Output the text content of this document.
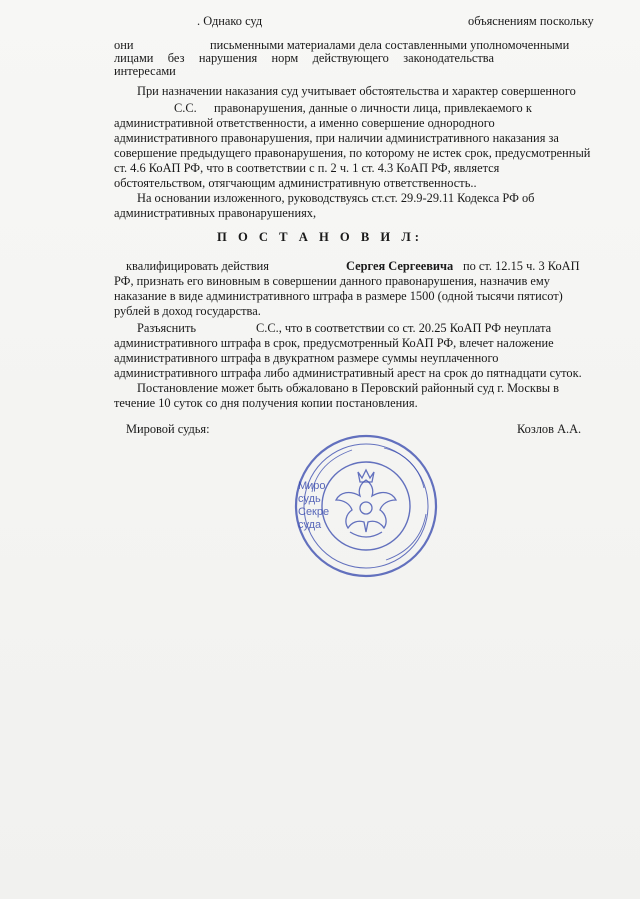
. Однако суд	объяснениям поскольку
они	письменными материалами дела составленными уполномоченными
лицами без нарушения норм действующего законодательства
интересами
При назначении наказания суд учитывает обстоятельства и характер совершенного
С.С. правонарушения, данные о личности лица, привлекаемого к
административной ответственности, а именно совершение однородного
административного правонарушения, при наличии административного наказания за
совершение предыдущего правонарушения, по которому не истек срок, предусмотренный
ст. 4.6 КоАП РФ, что в соответствии с п. 2 ч. 1 ст. 4.3 КоАП РФ, является
обстоятельством, отягчающим административную ответственность..
На основании изложенного, руководствуясь ст.ст. 29.9-29.11 Кодекса РФ об
административных правонарушениях,
П О С Т А Н О В И Л:
квалифицировать действия	Сергея Сергеевича по ст. 12.15 ч. 3 КоАП
РФ, признать его виновным в совершении данного правонарушения, назначив ему
наказание в виде административного штрафа в размере 1500 (одной тысячи пятисот)
рублей в доход государства.
Разъяснить	С.С., что в соответствии со ст. 20.25 КоАП РФ неуплата
административного штрафа в срок, предусмотренный КоАП РФ, влечет наложение
административного штрафа в двукратном размере суммы неуплаченного
административного штрафа либо административный арест на срок до пятнадцати суток.
Постановление может быть обжаловано в Перовский районный суд г. Москвы в
течение 10 суток со дня получения копии постановления.
Мировой судья:	Козлов А.А.
Миро
судь
Секре
суда
